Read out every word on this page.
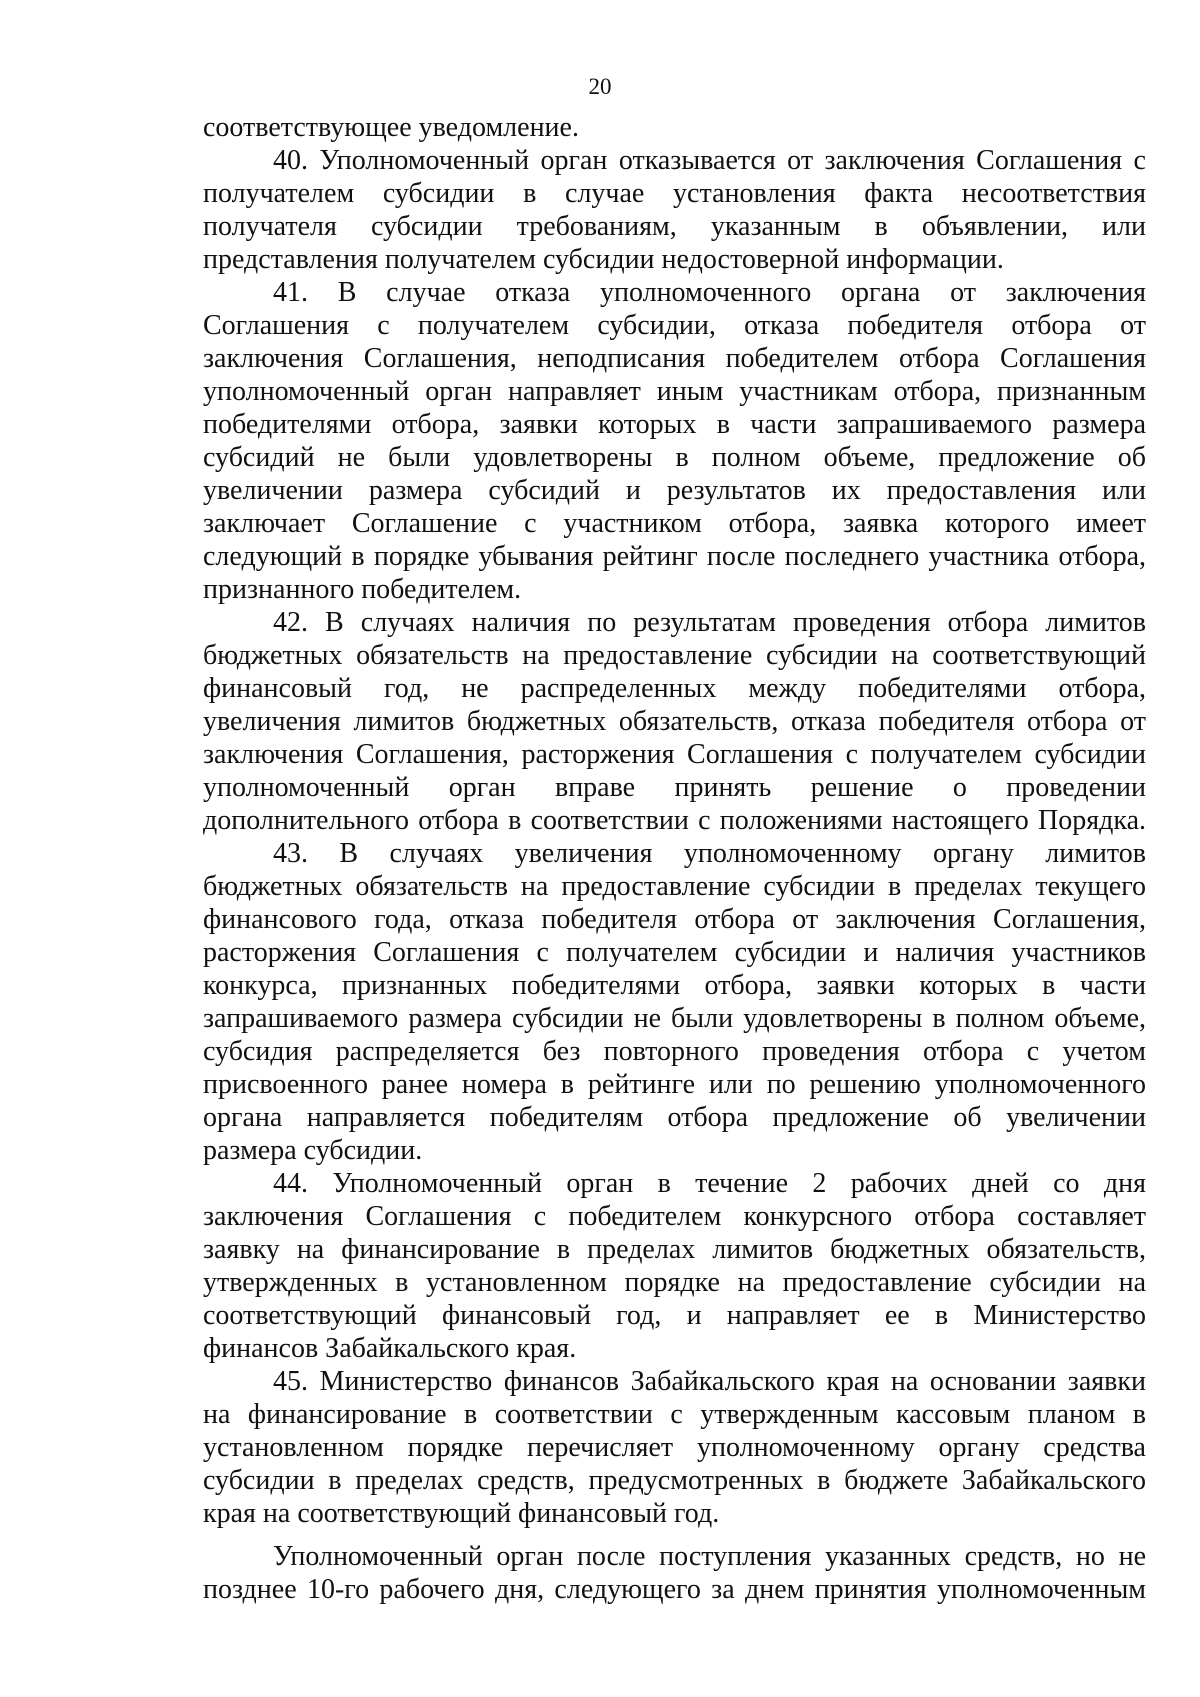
20
соответствующее уведомление.
40. Уполномоченный орган отказывается от заключения Соглашения с
получателем субсидии в случае установления факта несоответствия
получателя субсидии требованиям, указанным в объявлении, или
представления получателем субсидии недостоверной информации.
41. В случае отказа уполномоченного органа от заключения
Соглашения с получателем субсидии, отказа победителя отбора от
заключения Соглашения, неподписания победителем отбора Соглашения
уполномоченный орган направляет иным участникам отбора, признанным
победителями отбора, заявки которых в части запрашиваемого размера
субсидий не были удовлетворены в полном объеме, предложение об
увеличении размера субсидий и результатов их предоставления или
заключает Соглашение с участником отбора, заявка которого имеет
следующий в порядке убывания рейтинг после последнего участника отбора,
признанного победителем.
42. В случаях наличия по результатам проведения отбора лимитов
бюджетных обязательств на предоставление субсидии на соответствующий
финансовый год, не распределенных между победителями отбора,
увеличения лимитов бюджетных обязательств, отказа победителя отбора от
заключения Соглашения, расторжения Соглашения с получателем субсидии
уполномоченный орган вправе принять решение о проведении
дополнительного отбора в соответствии с положениями настоящего Порядка.
43. В случаях увеличения уполномоченному органу лимитов
бюджетных обязательств на предоставление субсидии в пределах текущего
финансового года, отказа победителя отбора от заключения Соглашения,
расторжения Соглашения с получателем субсидии и наличия участников
конкурса, признанных победителями отбора, заявки которых в части
запрашиваемого размера субсидии не были удовлетворены в полном объеме,
субсидия распределяется без повторного проведения отбора с учетом
присвоенного ранее номера в рейтинге или по решению уполномоченного
органа направляется победителям отбора предложение об увеличении
размера субсидии.
44. Уполномоченный орган в течение 2 рабочих дней со дня
заключения Соглашения с победителем конкурсного отбора составляет
заявку на финансирование в пределах лимитов бюджетных обязательств,
утвержденных в установленном порядке на предоставление субсидии на
соответствующий финансовый год, и направляет ее в Министерство
финансов Забайкальского края.
45. Министерство финансов Забайкальского края на основании заявки
на финансирование в соответствии с утвержденным кассовым планом в
установленном порядке перечисляет уполномоченному органу средства
субсидии в пределах средств, предусмотренных в бюджете Забайкальского
края на соответствующий финансовый год.
Уполномоченный орган после поступления указанных средств, но не
позднее 10-го рабочего дня, следующего за днем принятия уполномоченным
